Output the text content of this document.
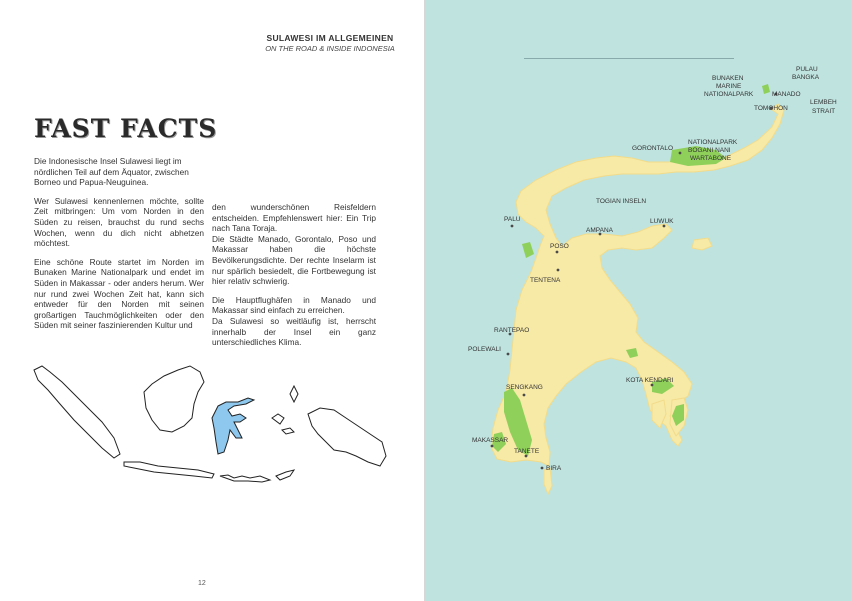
FAST FACTS

Die Indonesische Insel Sulawesi liegt im nördlichen Teil auf dem Äquator, zwischen Borneo und Papua-Neuguinea.

Wer Sulawesi kennenlernen möchte, sollte Zeit mitbringen: Um vom Norden in den Süden zu reisen, brauchst du rund sechs Wochen, wenn du dich nicht abhetzen möchtest.

Eine schöne Route startet im Norden im Bunaken Marine Nationalpark und endet im Süden in Makassar - oder anders herum. Wer nur rund zwei Wochen Zeit hat, kann sich entweder für den Norden mit seinen großartigen Tauchmöglichkeiten oder den Süden mit seiner faszinierenden Kultur und

den wunderschönen Reisfeldern entscheiden. Empfehlenswert hier: Ein Trip nach Tana Toraja.

Die Städte Manado, Gorontalo, Poso und Makassar haben die höchste Bevölkerungsdichte. Der rechte Inselarm ist nur spärlich besiedelt, die Fortbewegung ist hier relativ schwierig.

Die Hauptflughäfen in Manado und Makassar sind einfach zu erreichen.

Da Sulawesi so weitläufig ist, herrscht innerhalb der Insel ein ganz unterschiedliches Klima.

12
PULAU
BANGKA
BUNAKEN
MARINE
NATIONALPARK	MANADO
LEMBEH
STRAIT
TOMOHON
GORONTALO
NATIONALPARK
BOGANI NANI
WARTABONE
TOGIAN INSELN
PALU	LUWUK
AMPANA
POSO
TENTENA
RANTEPAO
POLEWALI
KOTA KENDARI
SENGKANG
MAKASSAR
TANETE
BIRA
SULAWESI IM ALLGEMEINEN
ON THE ROAD & INSIDE INDONESIA
